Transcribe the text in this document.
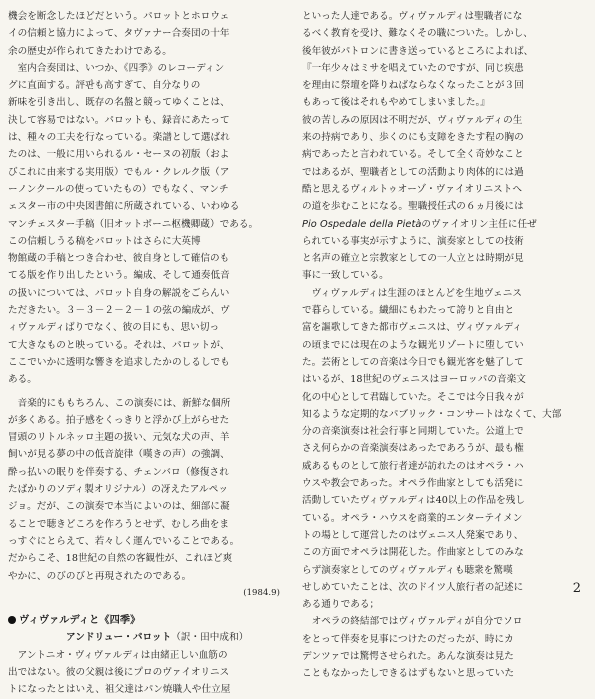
機会を断念したほどだという。パロットとホロウェ

イの信頼と協力によって、タヴァナー合奏団の十年

余の歴史が作られてきたわけである。

　室内合奏団は、いつか、《四季》のレコーディン

グに直面する。評판も高すぎて、自分なりの

新味を引き出し、既存の名盤と競ってゆくことは、

決して容易ではない。パロットも、録音にあたって

は、種々の工夫を行なっている。楽譜として選ばれ

たのは、一般に用いられるル・セーヌの初版（およ

びこれに由来する実用版）でもル・クレルク版（ア

ーノンクールの使っていたもの）でもなく、マンチ

ェスター市の中央図書館に所蔵されている、いわゆる

マンチェスター手稿（旧オットボーニ枢機卿蔵）である。

この信頼しうる稿をパロットはさらに大英博

物館蔵の手稿とつき合わせ、彼自身として確信のも

てる版を作り出したという。編成、そして通奏低音

の扱いについては、パロット自身の解説をごらんい

ただきたい。３－３－２－２－１の弦の編成が、ヴ

ィヴァルディばりでなく、彼の目にも、思い切っ

て大きなものと映っている。それは、パロットが、

ここでいかに透明な響きを追求したかのしるしでも

ある。

　音楽的にももちろん、この演奏には、新鮮な個所

が多くある。拍子感をくっきりと浮かび上がらせた

冒頭のリトルネッロ主題の扱い、元気な犬の声、羊

飼いが見る夢の中の低音旋律（嘆きの声）の強調、

酔っ払いの眠りを伴奏する、チェンバロ（修復され

たばかりのソディ製オリジナル）の冴えたアルペッ

ジョ。だが、この演奏で本当によいのは、細部に凝

ることで聴きどころを作ろうとせず、むしろ曲をま

っすぐにとらえて、若々しく運んでいることである。

だからこそ、18世紀の自然の客観性が、これほど爽

やかに、のびのびと再現されたのである。

(1984.9)

ヴィヴァルディと《四季》

アンドリュー・パロット（訳・田中成和）

　アントニオ・ヴィヴァルディは由緒正しい血筋の

出ではない。彼の父親は後にプロのヴァイオリニス

トになったとはいえ、祖父達はパン焼職人や仕立屋

といった人達である。ヴィヴァルディは聖職者にな

るべく教育を受け、難なくその職についた。しかし、

後年彼がパトロンに書き送っているところによれば、

『一年少々はミサを唱えていたのですが、同じ疾患

を理由に祭壇を降りねばならなくなったことが３回

もあって後はそれもやめてしまいました。』

彼の苦しみの原因は不明だが、ヴィヴァルディの生

来の持病であり、歩くのにも支障をきたす程の胸の

病であったと言われている。そして全く奇妙なこと

ではあるが、聖職者としての活動より肉体的には過

酷と思えるヴィルトゥオーゾ・ヴァイオリニストへ

の道を歩むことになる。聖職授任式の６ヵ月後には

Pio Ospedale della Pietàのヴァイオリン主任に任ぜ

られている事実が示すように、演奏家としての技術

と名声の確立と宗教家としての一人立とは時期が見

事に一致している。

　ヴィヴァルディは生涯のほとんどを生地ヴェニス

で暮らしている。繊細にもわたって誇りと自由と

富を謳歌してきた都市ヴェニスは、ヴィヴァルディ

の頃までには現在のような観光リゾートに堕してい

た。芸術としての音楽は今日でも観光客を魅了して

はいるが、18世紀のヴェニスはヨーロッパの音楽文

化の中心として君臨していた。そこでは今日我々が

知るような定期的なパブリック・コンサートはなくて、大部

分の音楽演奏は社会行事と同期していた。公道上で

さえ何らかの音楽演奏はあったであろうが、最も権

威あるものとして旅行者達が訪れたのはオペラ・ハ

ウスや教会であった。オペラ作曲家としても活発に

活動していたヴィヴァルディは40以上の作品を残し

ている。オペラ・ハウスを商業的エンターテイメン

トの場として運営したのはヴェニス人発案であり、

この方面でオペラは開花した。作曲家としてのみな

らず演奏家としてのヴィヴァルディも聴衆を驚嘆

せしめていたことは、次のドイツ人旅行者の記述に

ある通りである；

　オペラの終結部ではヴィヴァルディが自分でソロ

をとって伴奏を見事につけたのだったが、時にカ

デンツァでは驚愕させられた。あんな演奏は見た

こともなかったしできるはずもないと思っていた

2
